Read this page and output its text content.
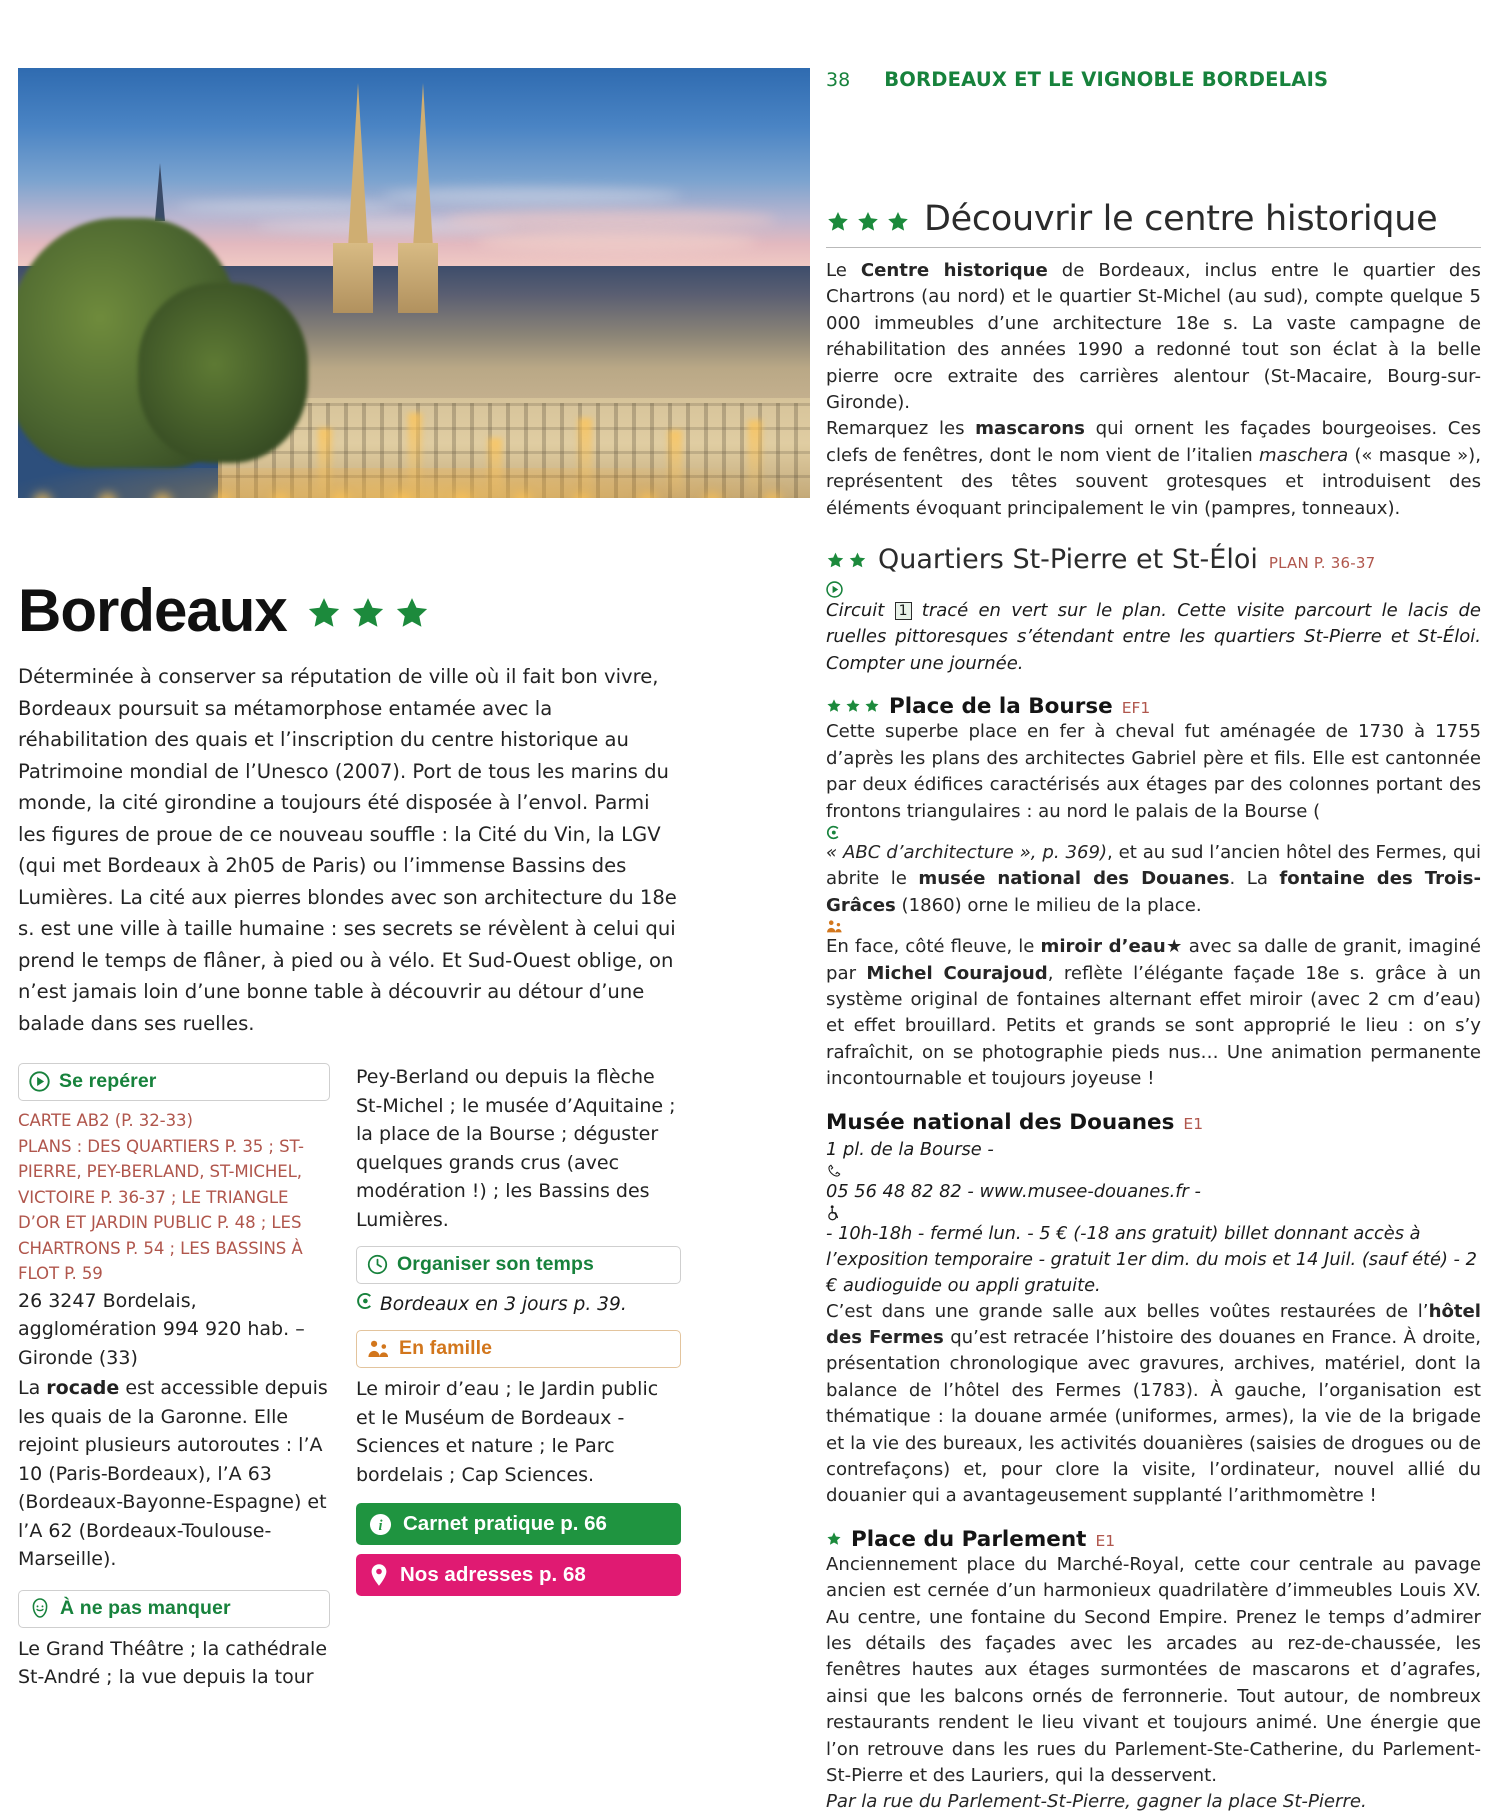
Bordeaux

Déterminée à conserver sa réputation de ville où il fait bon vivre, Bordeaux poursuit sa métamorphose entamée avec la réhabilitation des quais et l’inscription du centre historique au Patrimoine mondial de l’Unesco (2007). Port de tous les marins du monde, la cité girondine a toujours été disposée à l’envol. Parmi les figures de proue de ce nouveau souffle : la Cité du Vin, la LGV (qui met Bordeaux à 2h05 de Paris) ou l’immense Bassins des Lumières. La cité aux pierres blondes avec son architecture du 18e s. est une ville à taille humaine : ses secrets se révèlent à celui qui prend le temps de flâner, à pied ou à vélo. Et Sud-Ouest oblige, on n’est jamais loin d’une bonne table à découvrir au détour d’une balade dans ses ruelles.

Se repérer
CARTE AB2 (P. 32-33)
PLANS : DES QUARTIERS P. 35 ; ST-PIERRE, PEY-BERLAND, ST-MICHEL, VICTOIRE P. 36-37 ; LE TRIANGLE D’OR ET JARDIN PUBLIC P. 48 ; LES CHARTRONS P. 54 ; LES BASSINS À FLOT P. 59

26 3247 Bordelais, agglomération 994 920 hab. – Gironde (33)

La rocade est accessible depuis les quais de la Garonne. Elle rejoint plusieurs autoroutes : l’A 10 (Paris-Bordeaux), l’A 63 (Bordeaux-Bayonne-Espagne) et l’A 62 (Bordeaux-Toulouse-Marseille).

À ne pas manquer

Le Grand Théâtre ; la cathédrale St-André ; la vue depuis la tour

Pey-Berland ou depuis la flèche St-Michel ; le musée d’Aquitaine ; la place de la Bourse ; déguster quelques grands crus (avec modération !) ; les Bassins des Lumières.

Organiser son temps
Bordeaux en 3 jours p. 39.
En famille

Le miroir d’eau ; le Jardin public et le Muséum de Bordeaux - Sciences et nature ; le Parc bordelais ; Cap Sciences.

i Carnet pratique p. 66
Nos adresses p. 68
38 BORDEAUX ET LE VIGNOBLE BORDELAIS
Découvrir le centre historique

Le Centre historique de Bordeaux, inclus entre le quartier des Chartrons (au nord) et le quartier St-Michel (au sud), compte quelque 5 000 immeubles d’une architecture 18e s. La vaste campagne de réhabilitation des années 1990 a redonné tout son éclat à la belle pierre ocre extraite des carrières alentour (St-Macaire, Bourg-sur-Gironde).

Remarquez les mascarons qui ornent les façades bourgeoises. Ces clefs de fenêtres, dont le nom vient de l’italien maschera (« masque »), représentent des têtes souvent grotesques et introduisent des éléments évoquant principalement le vin (pampres, tonneaux).

Quartiers St-Pierre et St-Éloi PLAN P. 36-37

Circuit 1 tracé en vert sur le plan. Cette visite parcourt le lacis de ruelles pittoresques s’étendant entre les quartiers St-Pierre et St-Éloi. Compter une journée.

Place de la Bourse EF1

Cette superbe place en fer à cheval fut aménagée de 1730 à 1755 d’après les plans des architectes Gabriel père et fils. Elle est cantonnée par deux édifices caractérisés aux étages par des colonnes portant des frontons triangulaires : au nord le palais de la Bourse (
« ABC d’architecture », p. 369), et au sud l’ancien hôtel des Fermes, qui abrite le musée national des Douanes. La fontaine des Trois-Grâces (1860) orne le milieu de la place.

En face, côté fleuve, le miroir d’eau★ avec sa dalle de granit, imaginé par Michel Courajoud, reflète l’élégante façade 18e s. grâce à un système original de fontaines alternant effet miroir (avec 2 cm d’eau) et effet brouillard. Petits et grands se sont approprié le lieu : on s’y rafraîchit, on se photographie pieds nus… Une animation permanente incontournable et toujours joyeuse !

Musée national des Douanes E1

1 pl. de la Bourse -
05 56 48 82 82 - www.musee-douanes.fr -
- 10h-18h - fermé lun. - 5 € (-18 ans gratuit) billet donnant accès à l’exposition temporaire - gratuit 1er dim. du mois et 14 Juil. (sauf été) - 2 € audioguide ou appli gratuite.

C’est dans une grande salle aux belles voûtes restaurées de l’hôtel des Fermes qu’est retracée l’histoire des douanes en France. À droite, présentation chronologique avec gravures, archives, matériel, dont la balance de l’hôtel des Fermes (1783). À gauche, l’organisation est thématique : la douane armée (uniformes, armes), la vie de la brigade et la vie des bureaux, les activités douanières (saisies de drogues ou de contrefaçons) et, pour clore la visite, l’ordinateur, nouvel allié du douanier qui a avantageusement supplanté l’arithmomètre !

Place du Parlement E1

Anciennement place du Marché-Royal, cette cour centrale au pavage ancien est cernée d’un harmonieux quadrilatère d’immeubles Louis XV. Au centre, une fontaine du Second Empire. Prenez le temps d’admirer les détails des façades avec les arcades au rez-de-chaussée, les fenêtres hautes aux étages surmontées de mascarons et d’agrafes, ainsi que les balcons ornés de ferronnerie. Tout autour, de nombreux restaurants rendent le lieu vivant et toujours animé. Une énergie que l’on retrouve dans les rues du Parlement-Ste-Catherine, du Parlement-St-Pierre et des Lauriers, qui la desservent.

Par la rue du Parlement-St-Pierre, gagner la place St-Pierre.
